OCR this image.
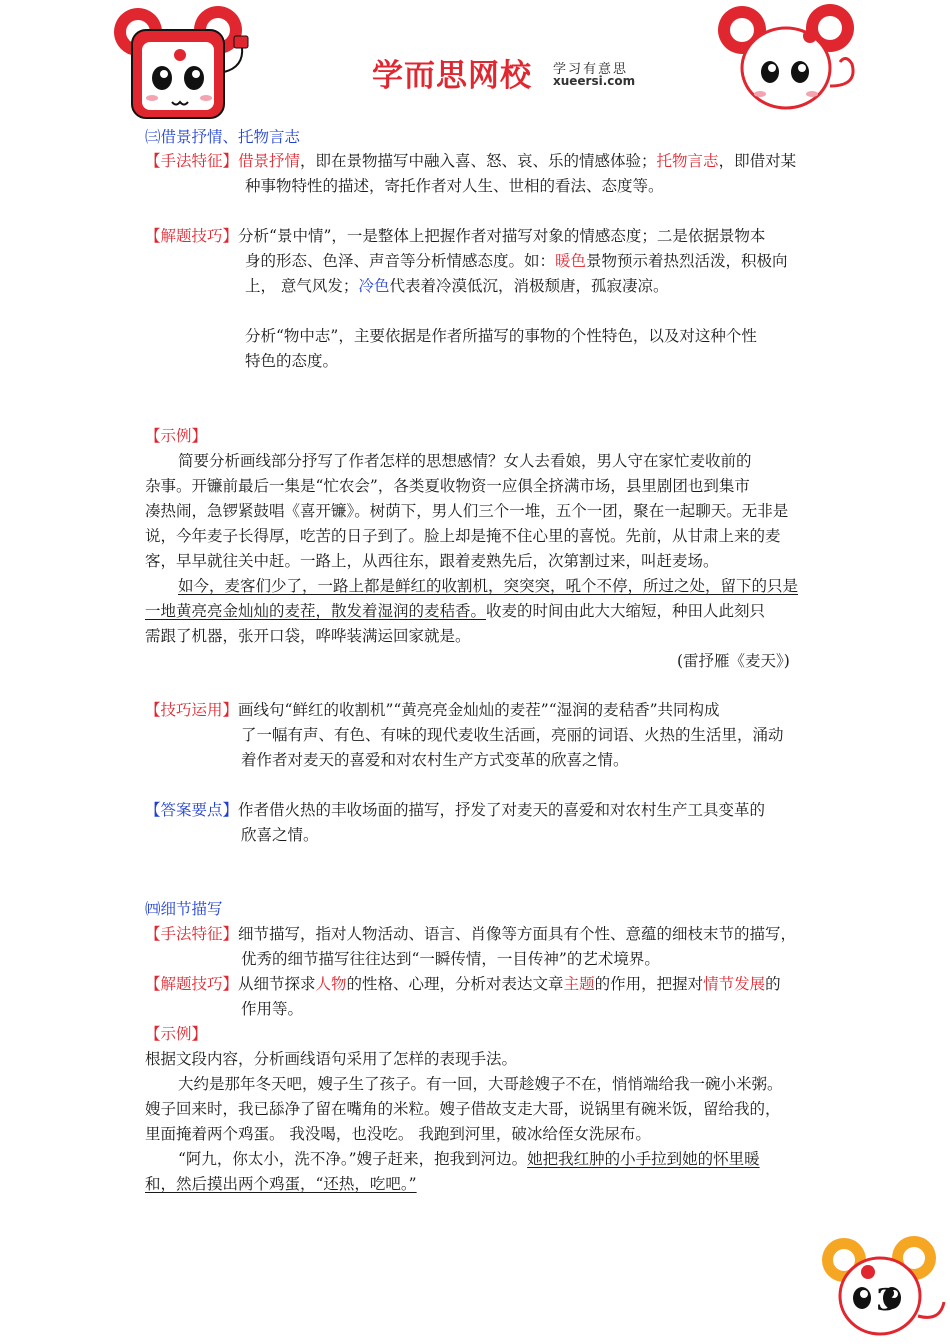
学而思网校 学习有意思
xueersi.com
㈢借景抒情、托物言志
【手法特征】借景抒情，即在景物描写中融入喜、怒、哀、乐的情感体验；托物言志，即借对某
种事物特性的描述，寄托作者对人生、世相的看法、态度等。
【解题技巧】分析“景中情”，一是整体上把握作者对描写对象的情感态度；二是依据景物本
身的形态、色泽、声音等分析情感态度。如：暖色景物预示着热烈活泼，积极向
上， 意气风发；冷色代表着冷漠低沉，消极颓唐，孤寂凄凉。
分析“物中志”，主要依据是作者所描写的事物的个性特色，以及对这种个性
特色的态度。
【示例】
简要分析画线部分抒写了作者怎样的思想感情？女人去看娘，男人守在家忙麦收前的
杂事。开镰前最后一集是“忙农会”，各类夏收物资一应俱全挤满市场，县里剧团也到集市
凑热闹，急锣紧鼓唱《喜开镰》。树荫下，男人们三个一堆，五个一团，聚在一起聊天。无非是
说，今年麦子长得厚，吃苦的日子到了。脸上却是掩不住心里的喜悦。先前，从甘肃上来的麦
客，早早就往关中赶。一路上，从西往东，跟着麦熟先后，次第割过来，叫赶麦场。
如今，麦客们少了，一路上都是鲜红的收割机，突突突，吼个不停，所过之处，留下的只是
一地黄亮亮金灿灿的麦茬，散发着湿润的麦秸香。收麦的时间由此大大缩短，种田人此刻只
需跟了机器，张开口袋，哗哗装满运回家就是。
(雷抒雁《麦天》)
【技巧运用】画线句“鲜红的收割机”“黄亮亮金灿灿的麦茬”“湿润的麦秸香”共同构成
了一幅有声、有色、有味的现代麦收生活画，亮丽的词语、火热的生活里，涌动
着作者对麦天的喜爱和对农村生产方式变革的欣喜之情。
【答案要点】作者借火热的丰收场面的描写，抒发了对麦天的喜爱和对农村生产工具变革的
欣喜之情。
㈣细节描写
【手法特征】细节描写，指对人物活动、语言、肖像等方面具有个性、意蕴的细枝末节的描写，
优秀的细节描写往往达到“一瞬传情，一目传神”的艺术境界。
【解题技巧】从细节探求人物的性格、心理，分析对表达文章主题的作用，把握对情节发展的
作用等。
【示例】
根据文段内容，分析画线语句采用了怎样的表现手法。
大约是那年冬天吧，嫂子生了孩子。有一回，大哥趁嫂子不在，悄悄端给我一碗小米粥。
嫂子回来时，我已舔净了留在嘴角的米粒。嫂子借故支走大哥，说锅里有碗米饭，留给我的，
里面掩着两个鸡蛋。 我没喝，也没吃。 我跑到河里，破冰给侄女洗尿布。
“阿九，你太小，洗不净。”嫂子赶来，抱我到河边。她把我红肿的小手拉到她的怀里暖
和，然后摸出两个鸡蛋，“还热，吃吧。”
3
